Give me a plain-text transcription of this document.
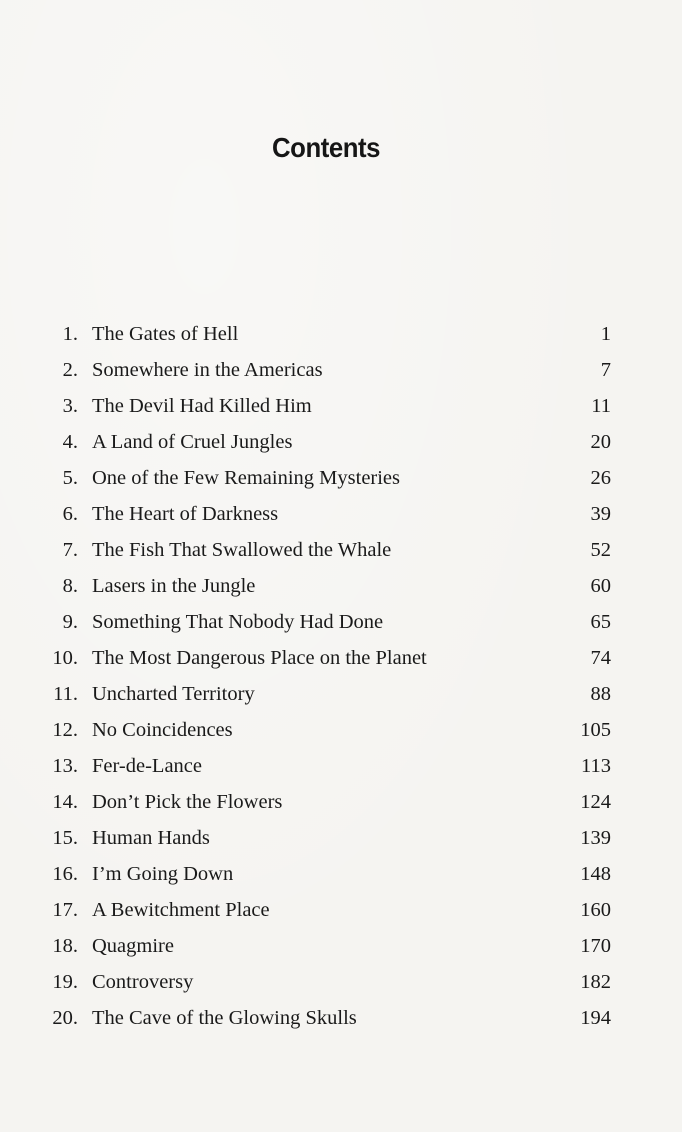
Contents
1. The Gates of Hell	1
2. Somewhere in the Americas	7
3. The Devil Had Killed Him	11
4. A Land of Cruel Jungles	20
5. One of the Few Remaining Mysteries	26
6. The Heart of Darkness	39
7. The Fish That Swallowed the Whale	52
8. Lasers in the Jungle	60
9. Something That Nobody Had Done	65
10. The Most Dangerous Place on the Planet	74
11. Uncharted Territory	88
12. No Coincidences	105
13. Fer-de-Lance	113
14. Don’t Pick the Flowers	124
15. Human Hands	139
16. I’m Going Down	148
17. A Bewitchment Place	160
18. Quagmire	170
19. Controversy	182
20. The Cave of the Glowing Skulls	194
